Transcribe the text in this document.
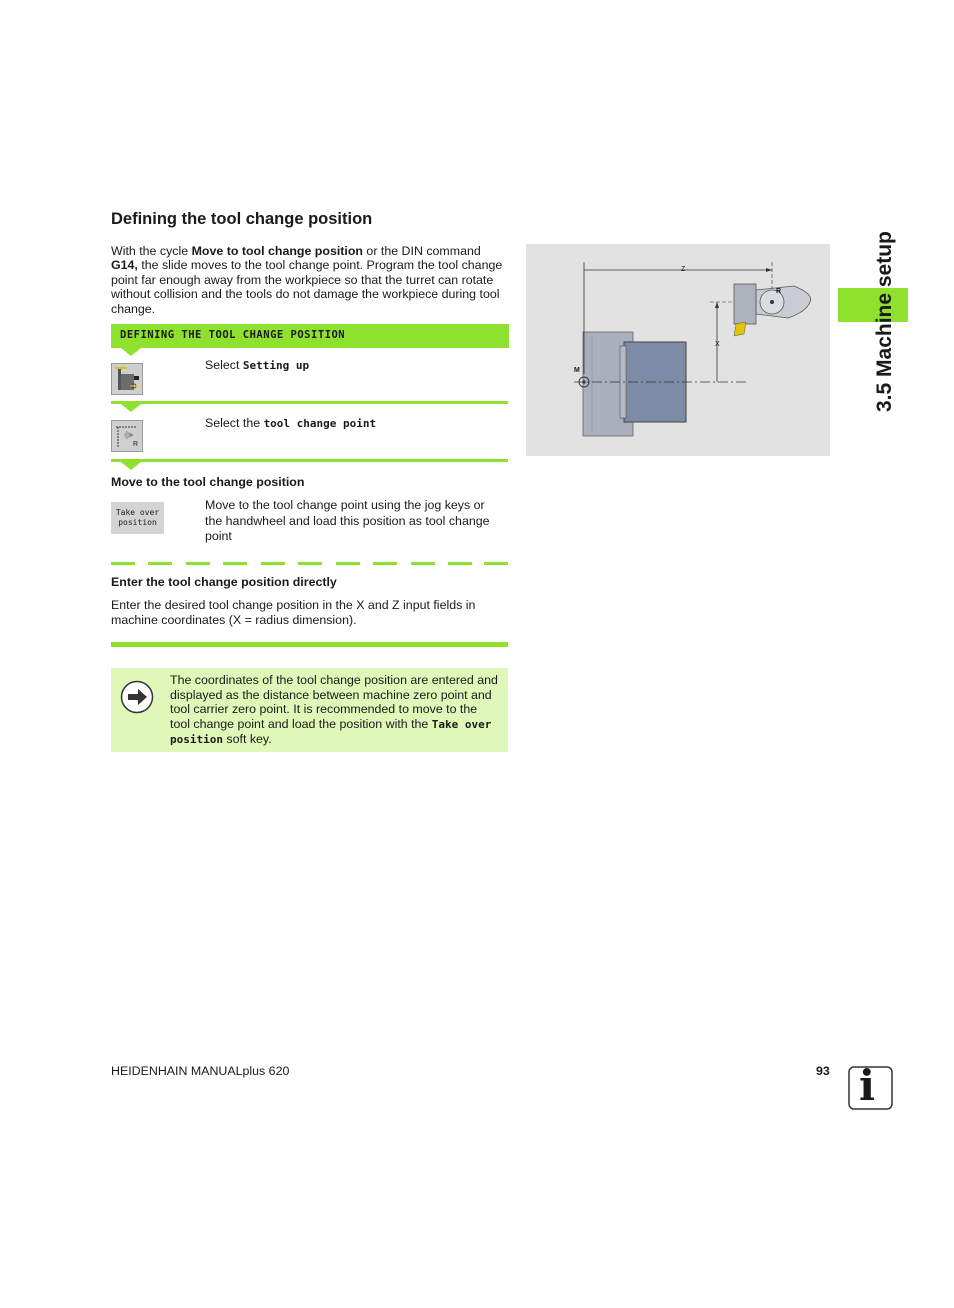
Defining the tool change position
With the cycle Move to tool change position or the DIN command G14, the slide moves to the tool change point. Program the tool change point far enough away from the workpiece so that the turret can rotate without collision and the tools do not damage the workpiece during tool change.
DEFINING THE TOOL CHANGE POSITION
Select Setting up
R
Select the tool change point
Move to the tool change position
Take over
position
Move to the tool change point using the jog keys or the handwheel and load this position as tool change point
Enter the tool change position directly
Enter the desired tool change position in the X and Z input fields in machine coordinates (X = radius dimension).
The coordinates of the tool change position are entered and displayed as the distance between machine zero point and tool carrier zero point. It is recommended to move to the tool change point and load the position with the Take over position soft key.
Z
X
M
R	3.5 Machine setup
HEIDENHAIN MANUALplus 620	93 i
